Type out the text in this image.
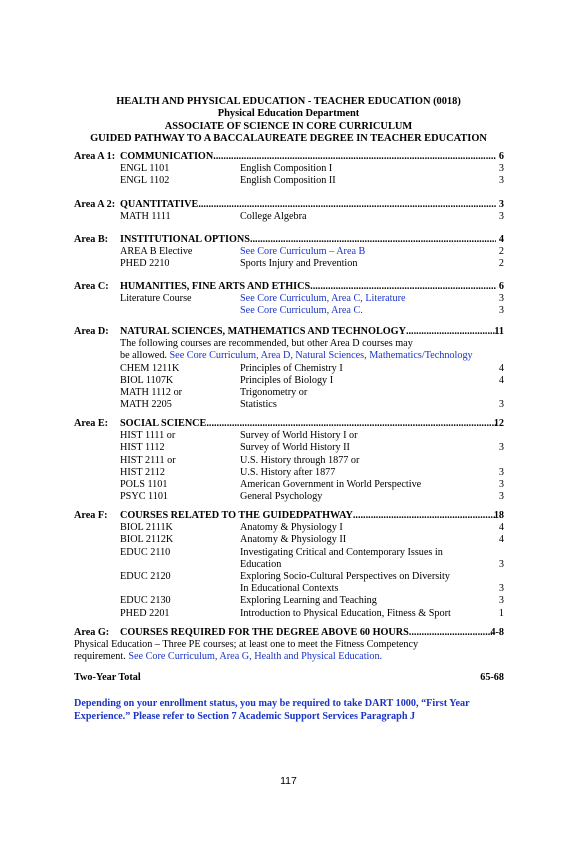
HEALTH AND PHYSICAL EDUCATION - TEACHER EDUCATION (0018)
Physical Education Department
ASSOCIATE OF SCIENCE IN CORE CURRICULUM
GUIDED PATHWAY TO A BACCALAUREATE DEGREE IN TEACHER EDUCATION
Area A 1: COMMUNICATION .....	6
ENGL 1101	English Composition I	3
ENGL 1102	English Composition II	3
Area A 2: QUANTITATIVE .....	3
MATH 1111	College Algebra	3
Area B: INSTITUTIONAL OPTIONS .....	4
AREA B Elective	See Core Curriculum – Area B	2
PHED 2210	Sports Injury and Prevention	2
Area C: HUMANITIES, FINE ARTS AND ETHICS .....	6
Literature Course	See Core Curriculum, Area C, Literature	3
See Core Curriculum, Area C.	3
Area D: NATURAL SCIENCES, MATHEMATICS AND TECHNOLOGY .....	11
The following courses are recommended, but other Area D courses may
be allowed. See Core Curriculum, Area D, Natural Sciences, Mathematics/Technology
CHEM 1211K	Principles of Chemistry I	4
BIOL 1107K	Principles of Biology I	4
MATH 1112 or	Trigonometry or
MATH 2205	Statistics	3
Area E: SOCIAL SCIENCE .....	12
HIST 1111 or	Survey of World History I or
HIST 1112	Survey of World History II	3
HIST 2111 or	U.S. History through 1877 or
HIST 2112	U.S. History after 1877	3
POLS 1101	American Government in World Perspective	3
PSYC 1101	General Psychology	3
Area F: COURSES RELATED TO THE GUIDEDPATHWAY .....	18
BIOL 2111K	Anatomy & Physiology I	4
BIOL 2112K	Anatomy & Physiology II	4
EDUC 2110	Investigating Critical and Contemporary Issues in
Education	3
EDUC 2120	Exploring Socio-Cultural Perspectives on Diversity
In Educational Contexts	3
EDUC 2130	Exploring Learning and Teaching	3
PHED 2201	Introduction to Physical Education, Fitness & Sport	1
Area G: COURSES REQUIRED FOR THE DEGREE ABOVE 60 HOURS .....	4-8
Physical Education – Three PE courses; at least one to meet the Fitness Competency
requirement. See Core Curriculum, Area G, Health and Physical Education.
Two-Year Total	65-68
Depending on your enrollment status, you may be required to take DART 1000, “First Year
Experience.” Please refer to Section 7 Academic Support Services Paragraph J
117
